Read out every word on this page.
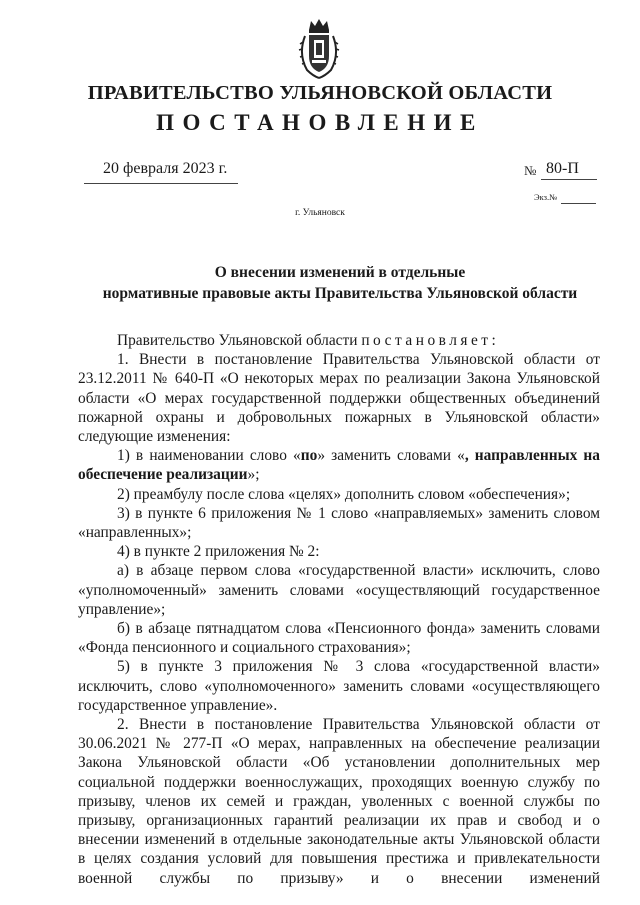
ПРАВИТЕЛЬСТВО УЛЬЯНОВСКОЙ ОБЛАСТИ
ПОСТАНОВЛЕНИЕ
20 февраля 2023 г.	№ 80-П
Экз.№
г. Ульяновск
О внесении изменений в отдельные
нормативные правовые акты Правительства Ульяновской области

Правительство Ульяновской области постановляет:

1. Внести в постановление Правительства Ульяновской области от 23.12.2011 № 640-П «О некоторых мерах по реализации Закона Ульяновской области «О мерах государственной поддержки общественных объединений пожарной охраны и добровольных пожарных в Ульяновской области» следующие изменения:

1) в наименовании слово «по» заменить словами «, направленных на обеспечение реализации»;

2) преамбулу после слова «целях» дополнить словом «обеспечения»;

3) в пункте 6 приложения № 1 слово «направляемых» заменить словом «направленных»;

4) в пункте 2 приложения № 2:

а) в абзаце первом слова «государственной власти» исключить, слово «уполномоченный» заменить словами «осуществляющий государственное управление»;

б) в абзаце пятнадцатом слова «Пенсионного фонда» заменить словами «Фонда пенсионного и социального страхования»;

5) в пункте 3 приложения № 3 слова «государственной власти» исключить, слово «уполномоченного» заменить словами «осуществляющего государственное управление».

2. Внести в постановление Правительства Ульяновской области от 30.06.2021 № 277-П «О мерах, направленных на обеспечение реализации Закона Ульяновской области «Об установлении дополнительных мер социальной поддержки военнослужащих, проходящих военную службу по призыву, членов их семей и граждан, уволенных с военной службы по призыву, организационных гарантий реализации их прав и свобод и о внесении изменений в отдельные законодательные акты Ульяновской области в целях создания условий для повышения престижа и привлекательности военной службы по призыву» и о внесении изменений
